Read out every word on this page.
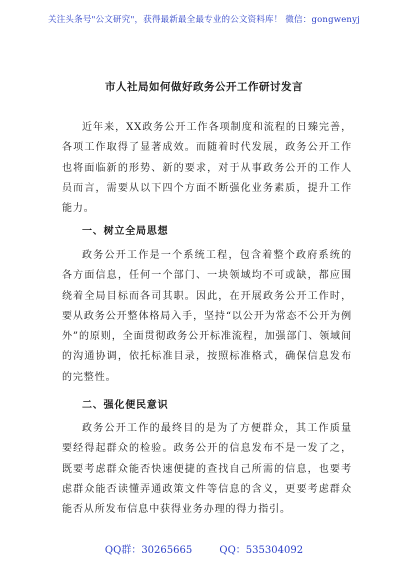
关注头条号"公文研究"，获得最新最全最专业的公文资料库！ 微信：gongwenyj
市人社局如何做好政务公开工作研讨发言
近年来，XX政务公开工作各项制度和流程的日臻完善，各项工作取得了显著成效。而随着时代发展，政务公开工作也将面临新的形势、新的要求，对于从事政务公开的工作人员而言，需要从以下四个方面不断强化业务素质，提升工作能力。
一、树立全局思想
政务公开工作是一个系统工程，包含着整个政府系统的各方面信息，任何一个部门、一块领域均不可或缺，都应围绕着全局目标而各司其职。因此，在开展政务公开工作时，要从政务公开整体格局入手，坚持“以公开为常态不公开为例外”的原则，全面贯彻政务公开标准流程，加强部门、领域间的沟通协调，依托标准目录，按照标准格式，确保信息发布的完整性。
二、强化便民意识
政务公开工作的最终目的是为了方便群众，其工作质量要经得起群众的检验。政务公开的信息发布不是一发了之，既要考虑群众能否快速便捷的查找自己所需的信息，也要考虑群众能否读懂弄通政策文件等信息的含义，更要考虑群众能否从所发布信息中获得业务办理的得力指引。
QQ群：30265665	QQ：535304092
